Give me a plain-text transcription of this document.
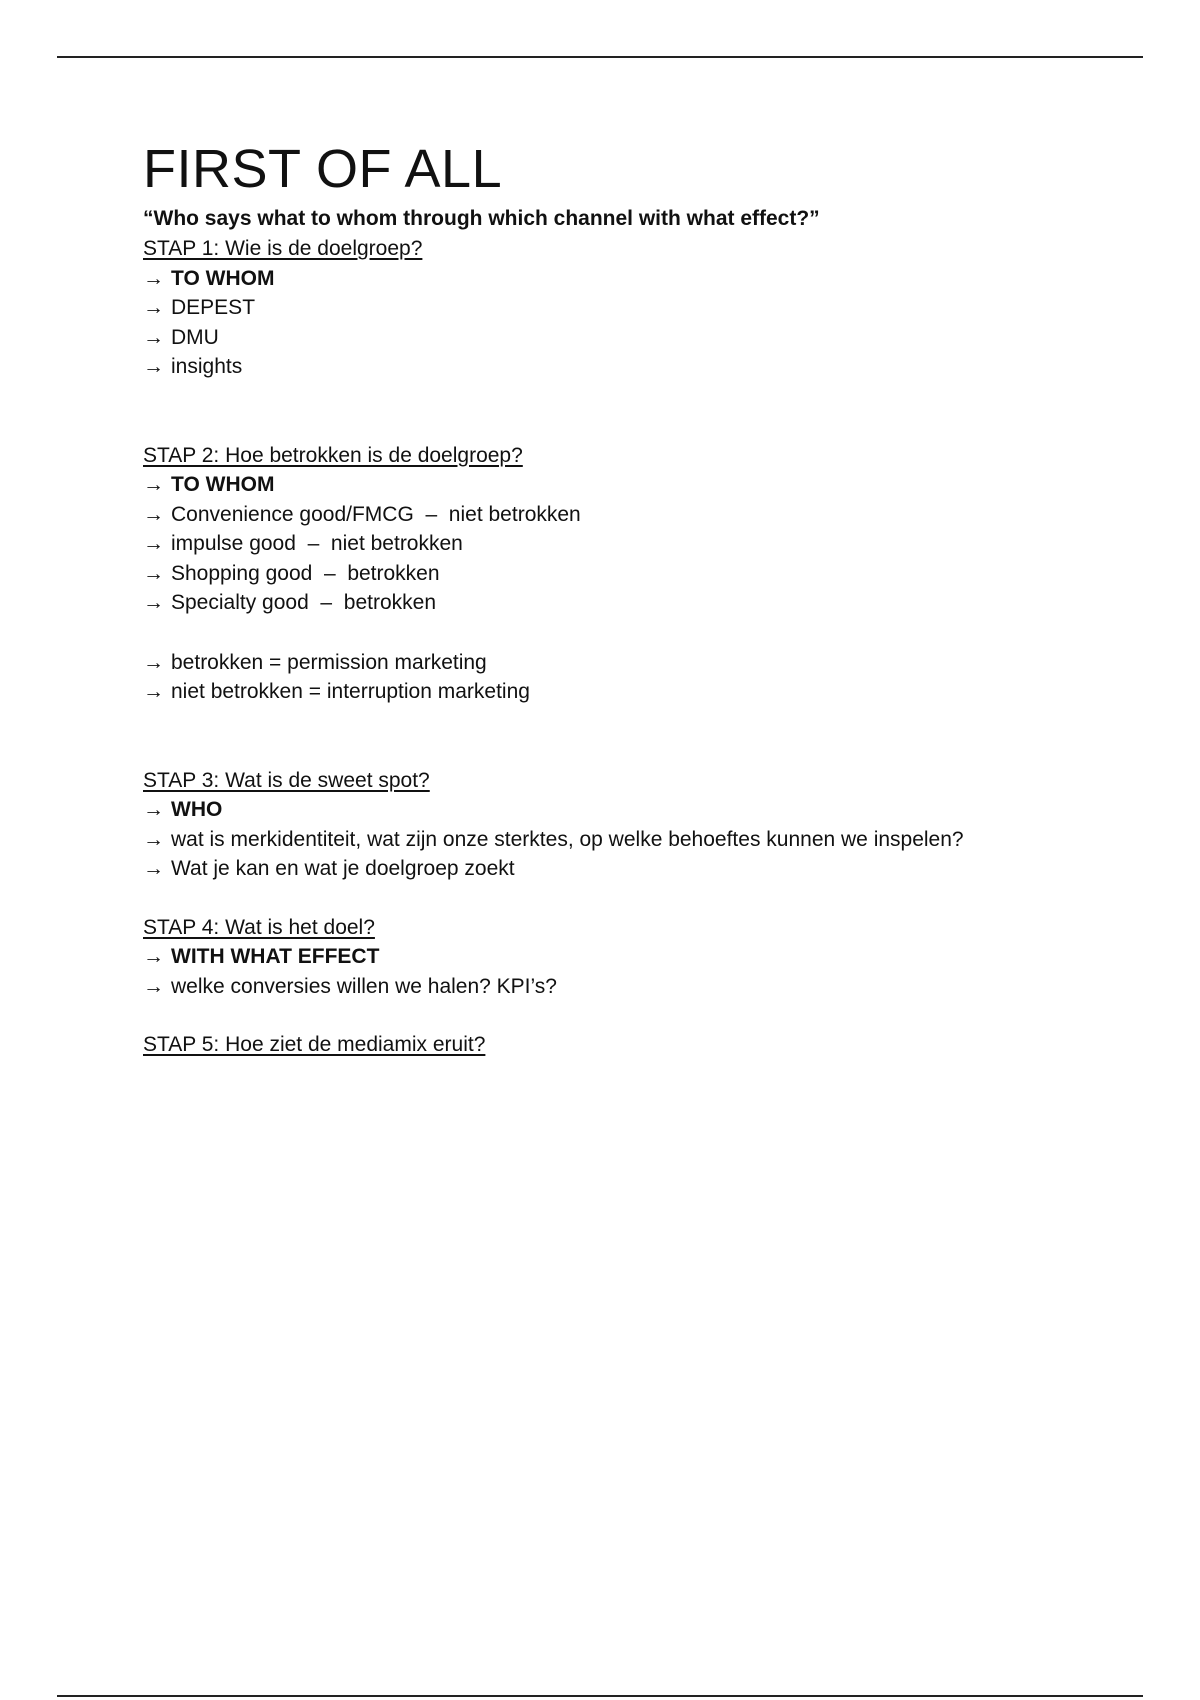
FIRST OF ALL
“Who says what to whom through which channel with what effect?”
STAP 1: Wie is de doelgroep?
→ TO WHOM
→ DEPEST
→ DMU
→ insights
STAP 2: Hoe betrokken is de doelgroep?
→ TO WHOM
→ Convenience good/FMCG  –  niet betrokken
→ impulse good  –  niet betrokken
→ Shopping good  –  betrokken
→ Specialty good  –  betrokken
→ betrokken = permission marketing
→ niet betrokken = interruption marketing
STAP 3: Wat is de sweet spot?
→ WHO
→ wat is merkidentiteit, wat zijn onze sterktes, op welke behoeftes kunnen we inspelen?
→ Wat je kan en wat je doelgroep zoekt
STAP 4: Wat is het doel?
→ WITH WHAT EFFECT
→ welke conversies willen we halen? KPI’s?
STAP 5: Hoe ziet de mediamix eruit?
